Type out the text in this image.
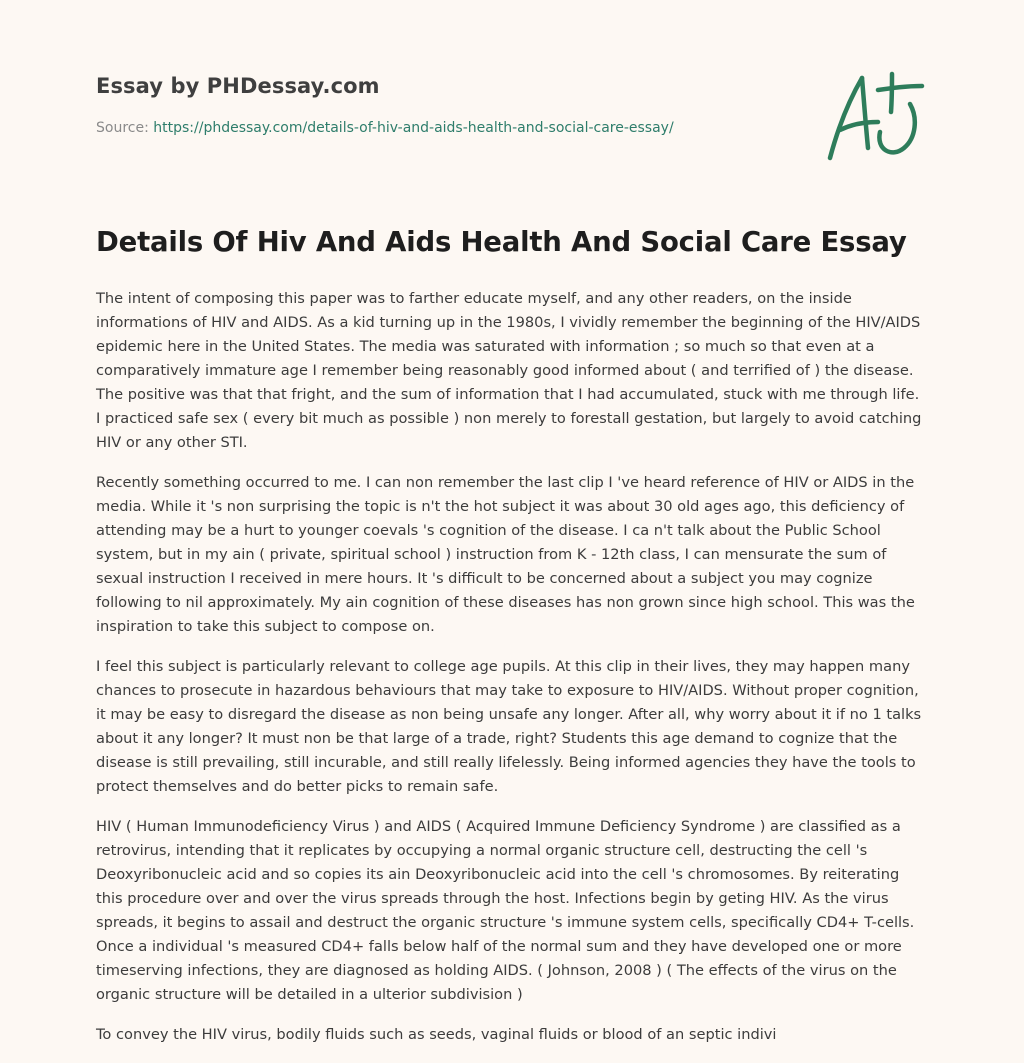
Essay by PHDessay.com
Source: https://phdessay.com/details-of-hiv-and-aids-health-and-social-care-essay/
Details Of Hiv And Aids Health And Social Care Essay

The intent of composing this paper was to farther educate myself, and any other readers, on the inside informations of HIV and AIDS. As a kid turning up in the 1980s, I vividly remember the beginning of the HIV/AIDS epidemic here in the United States. The media was saturated with information ; so much so that even at a comparatively immature age I remember being reasonably good informed about ( and terrified of ) the disease. The positive was that that fright, and the sum of information that I had accumulated, stuck with me through life. I practiced safe sex ( every bit much as possible ) non merely to forestall gestation, but largely to avoid catching HIV or any other STI.

Recently something occurred to me. I can non remember the last clip I 've heard reference of HIV or AIDS in the media. While it 's non surprising the topic is n't the hot subject it was about 30 old ages ago, this deficiency of attending may be a hurt to younger coevals 's cognition of the disease. I ca n't talk about the Public School system, but in my ain ( private, spiritual school ) instruction from K - 12th class, I can mensurate the sum of sexual instruction I received in mere hours. It 's difficult to be concerned about a subject you may cognize following to nil approximately. My ain cognition of these diseases has non grown since high school. This was the inspiration to take this subject to compose on.

I feel this subject is particularly relevant to college age pupils. At this clip in their lives, they may happen many chances to prosecute in hazardous behaviours that may take to exposure to HIV/AIDS. Without proper cognition, it may be easy to disregard the disease as non being unsafe any longer. After all, why worry about it if no 1 talks about it any longer? It must non be that large of a trade, right? Students this age demand to cognize that the disease is still prevailing, still incurable, and still really lifelessly. Being informed agencies they have the tools to protect themselves and do better picks to remain safe.

HIV ( Human Immunodeficiency Virus ) and AIDS ( Acquired Immune Deficiency Syndrome ) are classified as a retrovirus, intending that it replicates by occupying a normal organic structure cell, destructing the cell 's Deoxyribonucleic acid and so copies its ain Deoxyribonucleic acid into the cell 's chromosomes. By reiterating this procedure over and over the virus spreads through the host. Infections begin by geting HIV. As the virus spreads, it begins to assail and destruct the organic structure 's immune system cells, specifically CD4+ T-cells. Once a individual 's measured CD4+ falls below half of the normal sum and they have developed one or more timeserving infections, they are diagnosed as holding AIDS. ( Johnson, 2008 ) ( The effects of the virus on the organic structure will be detailed in a ulterior subdivision )

To convey the HIV virus, bodily fluids such as seeds, vaginal fluids or blood of an septic indivi
